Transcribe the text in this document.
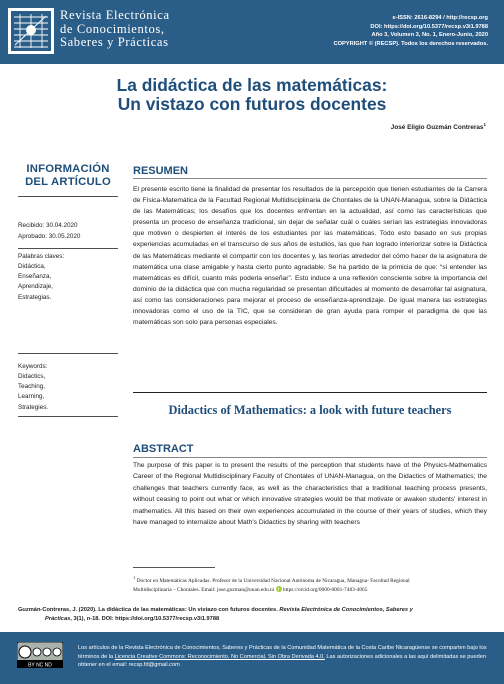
Revista Electrónica
de Conocimientos,
Saberes y Prácticas
e-ISSN: 2616-8294 / http://recsp.org
DOI: https://doi.org/10.5377/recsp.v3i1.9788
Año 3, Volumen 3, No. 1, Enero-Junio, 2020
COPYRIGHT © (RECSP). Todos los derechos reservados.
La didáctica de las matemáticas:
Un vistazo con futuros docentes
José Eligio Guzmán Contreras$^1$
INFORMACIÓN
DEL ARTÍCULO
Recibido: 30.04.2020
Aprobado: 30.05.2020
Palabras claves:
Didáctica,
Enseñanza,
Aprendizaje,
Estrategias.
Keywords:
Didactics,
Teaching,
Learning,
Strategies.
RESUMEN
El presente escrito tiene la finalidad de presentar los resultados de la percepción que tienen estudiantes de la Carrera de Física-Matemática de la Facultad Regional Multidisciplinaria de Chontales de la UNAN-Managua, sobre la Didáctica de las Matemáticas; los desafíos que los docentes enfrentan en la actualidad, así como las características que presenta un proceso de enseñanza tradicional, sin dejar de señalar cuál o cuáles serían las estrategias innovadoras que motiven o despierten el interés de los estudiantes por las matemáticas. Todo esto basado en sus propias experiencias acumuladas en el transcurso de sus años de estudios, las que han logrado interiorizar sobre la Didáctica de las Matemáticas mediante el compartir con los docentes y, las teorías alrededor del cómo hacer de la asignatura de matemática una clase amigable y hasta cierto punto agradable. Se ha partido de la primicia de que: “si entender las matemáticas es difícil, cuanto más poderla enseñar”. Esto induce a una reflexión consciente sobre la importancia del dominio de la didáctica que con mucha regularidad se presentan dificultades al momento de desarrollar tal asignatura, así como las consideraciones para mejorar el proceso de enseñanza-aprendizaje. De igual manera las estrategias innovadoras como el uso de la TIC, que se consideran de gran ayuda para romper el paradigma de que las matemáticas son solo para personas especiales.
Didactics of Mathematics: a look with future teachers
ABSTRACT
The purpose of this paper is to present the results of the perception that students have of the Physics-Mathematics Career of the Regional Multidisciplinary Faculty of Chontales of UNAN-Managua, on the Didactics of Mathematics; the challenges that teachers currently face, as well as the characteristics that a traditional teaching process presents, without ceasing to point out what or which innovative strategies would be that motivate or awaken students' interest in mathematics. All this based on their own experiences accumulated in the course of their years of studies, which they have managed to internalize about Math's Didactics by sharing with teachers
$^1$ Doctor en Matemáticas Aplicadas. Profesor de la Universidad Nacional Autónoma de Nicaragua, Managua- Facultad Regional
Multidisciplinaria – Chontales. Email: jose.guzman@unan.edu.ni https://orcid.org/0000-0001-7483-4065
Guzmán-Contreras, J. (2020). La didáctica de las matemáticas: Un vistazo con futuros docentes. Revista Electrónica de Conocimientos, Saberes y
Prácticas, 3(1), n-18. DOI: https://doi.org/10.5377/recsp.v3i1.9788
BY NC ND
Los artículos de la Revista Electrónica de Conocimientos, Saberes y Prácticas de la Comunidad Matemática de la Costa Caribe Nicaragüense se comparten bajo los términos de la Licencia Creative Commons: Reconocimiento, No Comercial, Sin Obra Derivada 4.0. Las autorizaciones adicionales a las aquí delimitadas se pueden obtener en el email: recsp.fd@gmail.com
